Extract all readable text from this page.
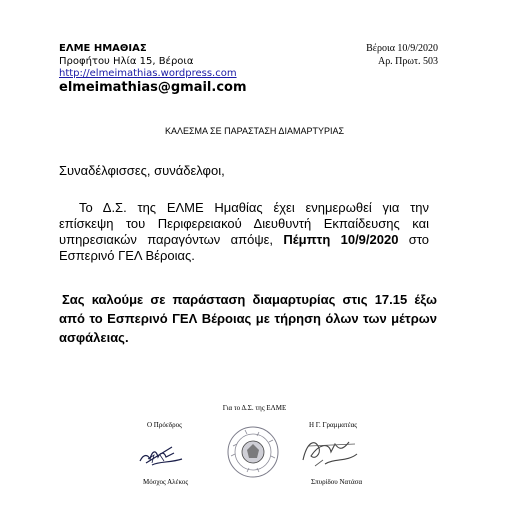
ΕΛΜΕ ΗΜΑΘΙΑΣ
Προφήτου Ηλία 15, Βέροια
http://elmeimathias.wordpress.com
elmeimathias@gmail.com
Βέροια 10/9/2020
Αρ. Πρωτ. 503
ΚΑΛΕΣΜΑ ΣΕ ΠΑΡΑΣΤΑΣΗ ΔΙΑΜΑΡΤΥΡΙΑΣ
Συναδέλφισσες, συνάδελφοι,
Το Δ.Σ. της ΕΛΜΕ Ημαθίας έχει ενημερωθεί για την επίσκεψη του Περιφερειακού Διευθυντή Εκπαίδευσης και υπηρεσιακών παραγόντων απόψε, Πέμπτη 10/9/2020 στο Εσπερινό ΓΕΛ Βέροιας.
Σας καλούμε σε παράσταση διαμαρτυρίας στις 17.15 έξω από το Εσπερινό ΓΕΛ Βέροιας με τήρηση όλων των μέτρων ασφάλειας.
Για το Δ.Σ. της ΕΛΜΕ
Ο Πρόεδρος	Η Γ. Γραμματέας
Μόσχος Αλέκος	Σπυρίδου Νατάσα
